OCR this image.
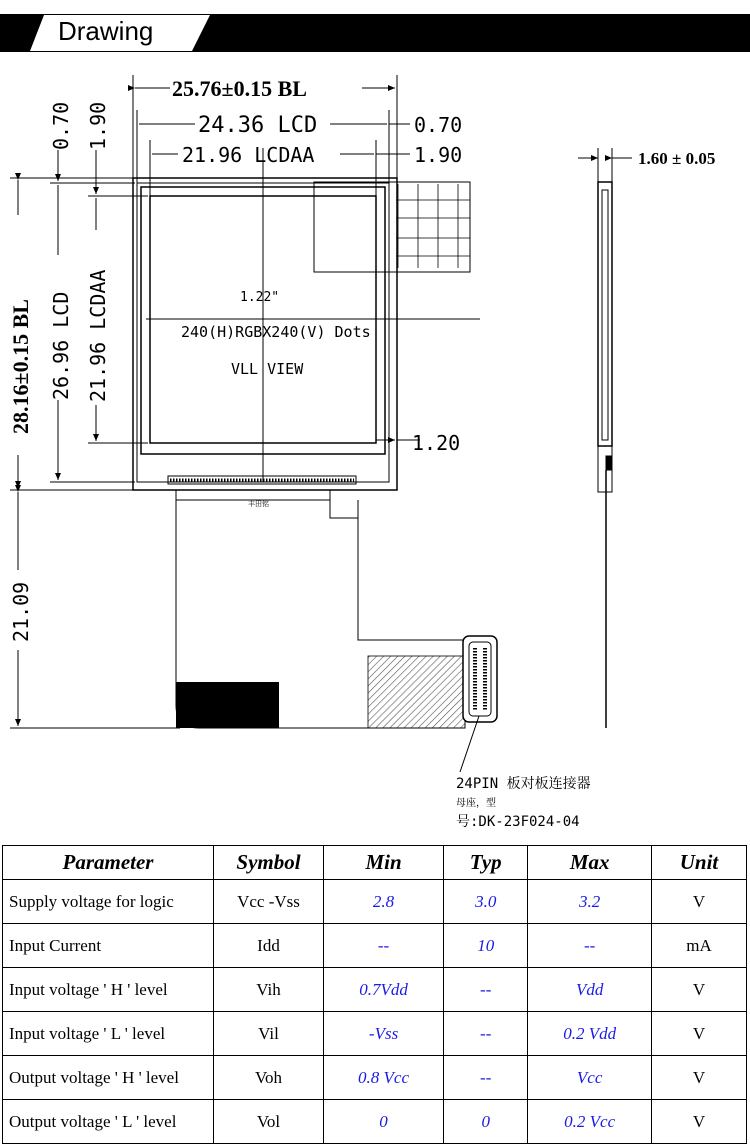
Drawing
25.76±0.15 BL
24.36 LCD
21.96 LCDAA
0.70
1.90
0.70 1.90
28.16±0.15 BL 26.96 LCD 21.96 LCDAA
21.09
1.22"
240(H)RGBX240(V) Dots
VLL VIEW
1.20
丰田铭
24PIN 板对板连接器
母座，型
号:DK-23F024-04
1.60 ± 0.05
Parameter	Symbol	Min	Typ	Max	Unit
Supply voltage for logic	Vcc -Vss	2.8	3.0	3.2	V
Input Current	Idd	--	10	--	mA
Input voltage ' H ' level	Vih	0.7Vdd	--	Vdd	V
Input voltage ' L ' level	Vil	-Vss	--	0.2 Vdd	V
Output voltage ' H ' level	Voh	0.8 Vcc	--	Vcc	V
Output voltage ' L ' level	Vol	0	0	0.2 Vcc	V
